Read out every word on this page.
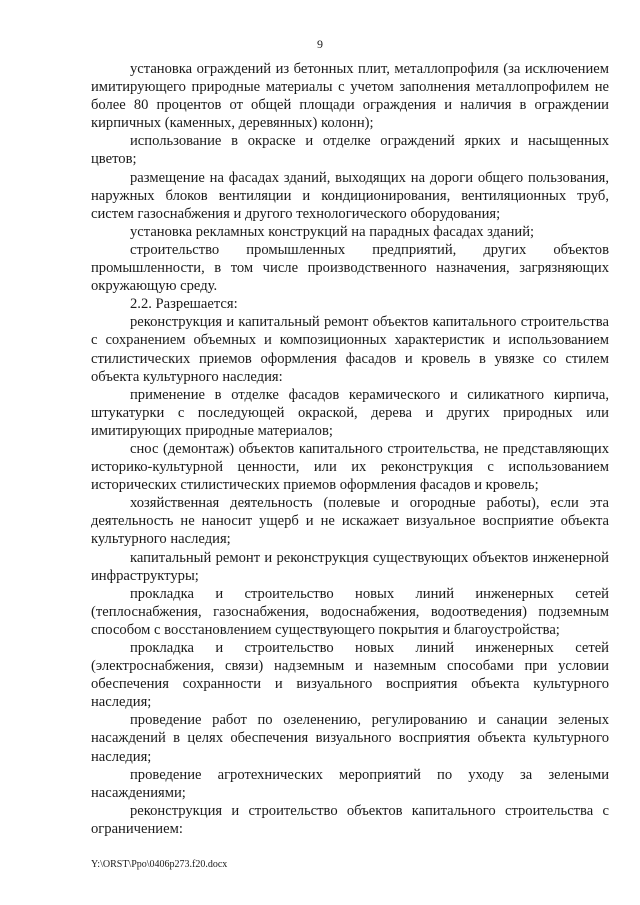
9

установка ограждений из бетонных плит, металлопрофиля (за исключением имитирующего природные материалы с учетом заполнения металлопрофилем не более 80 процентов от общей площади ограждения и наличия в ограждении кирпичных (каменных, деревянных) колонн);

использование в окраске и отделке ограждений ярких и насыщенных цветов;

размещение на фасадах зданий, выходящих на дороги общего пользования, наружных блоков вентиляции и кондиционирования, вентиляционных труб, систем газоснабжения и другого технологического оборудования;

установка рекламных конструкций на парадных фасадах зданий;

строительство промышленных предприятий, других объектов промышленности, в том числе производственного назначения, загрязняющих окружающую среду.

2.2. Разрешается:

реконструкция и капитальный ремонт объектов капитального строительства с сохранением объемных и композиционных характеристик и использованием стилистических приемов оформления фасадов и кровель в увязке со стилем объекта культурного наследия:

применение в отделке фасадов керамического и силикатного кирпича, штукатурки с последующей окраской, дерева и других природных или имитирующих природные материалов;

снос (демонтаж) объектов капитального строительства, не представляющих историко-культурной ценности, или их реконструкция с использованием исторических стилистических приемов оформления фасадов и кровель;

хозяйственная деятельность (полевые и огородные работы), если эта деятельность не наносит ущерб и не искажает визуальное восприятие объекта культурного наследия;

капитальный ремонт и реконструкция существующих объектов инженерной инфраструктуры;

прокладка и строительство новых линий инженерных сетей (теплоснабжения, газоснабжения, водоснабжения, водоотведения) подземным способом с восстановлением существующего покрытия и благоустройства;

прокладка и строительство новых линий инженерных сетей (электроснабжения, связи) надземным и наземным способами при условии обеспечения сохранности и визуального восприятия объекта культурного наследия;

проведение работ по озеленению, регулированию и санации зеленых насаждений в целях обеспечения визуального восприятия объекта культурного наследия;

проведение агротехнических мероприятий по уходу за зелеными насаждениями;

реконструкция и строительство объектов капитального строительства с ограничением:

Y:\ORST\Ppo\0406p273.f20.docx
